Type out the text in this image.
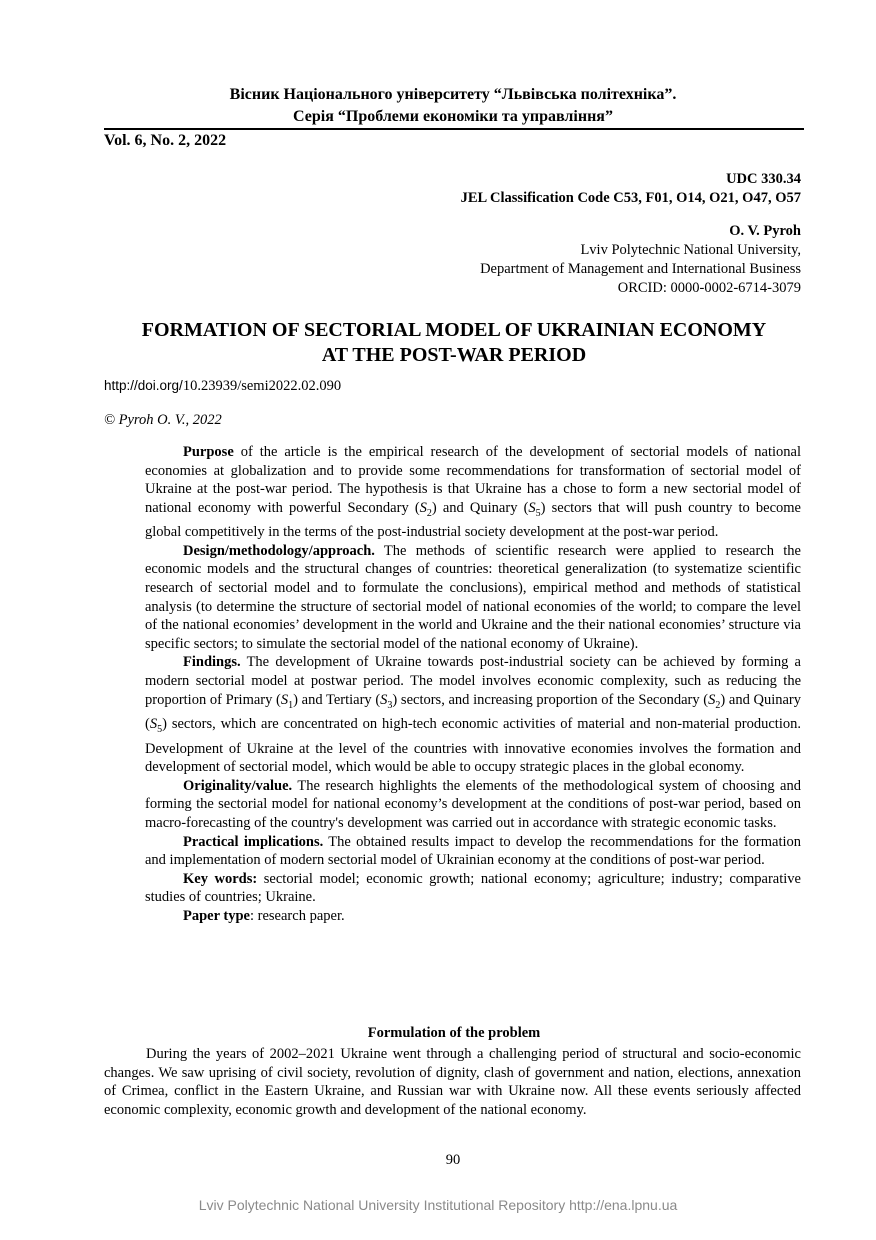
Вісник Національного університету “Львівська політехніка”.
Серія “Проблеми економіки та управління”
Vol. 6, No. 2, 2022
UDC 330.34
JEL Classification Code C53, F01, O14, O21, O47, O57
O. V. Pyroh
Lviv Polytechnic National University,
Department of Management and International Business
ORCID: 0000-0002-6714-3079
FORMATION OF SECTORIAL MODEL OF UKRAINIAN ECONOMY
AT THE POST-WAR PERIOD
http://doi.org/10.23939/semi2022.02.090
© Pyroh O. V., 2022

Purpose of the article is the empirical research of the development of sectorial models of national economies at globalization and to provide some recommendations for transformation of sectorial model of Ukraine at the post-war period. The hypothesis is that Ukraine has a chose to form a new sectorial model of national economy with powerful Secondary $(S_2)$ and Quinary $(S_5)$ sectors that will push country to become global competitively in the terms of the post-industrial society development at the post-war period.

Design/methodology/approach. The methods of scientific research were applied to research the economic models and the structural changes of countries: theoretical generalization (to systematize scientific research of sectorial model and to formulate the conclusions), empirical method and methods of statistical analysis (to determine the structure of sectorial model of national economies of the world; to compare the level of the national economies’ development in the world and Ukraine and the their national economies’ structure via specific sectors; to simulate the sectorial model of the national economy of Ukraine).

Findings. The development of Ukraine towards post-industrial society can be achieved by forming a modern sectorial model at postwar period. The model involves economic complexity, such as reducing the proportion of Primary $(S_1)$ and Tertiary $(S_3)$ sectors, and increasing proportion of the Secondary $(S_2)$ and Quinary $(S_5)$ sectors, which are concentrated on high-tech economic activities of material and non-material production. Development of Ukraine at the level of the countries with innovative economies involves the formation and development of sectorial model, which would be able to occupy strategic places in the global economy.

Originality/value. The research highlights the elements of the methodological system of choosing and forming the sectorial model for national economy’s development at the conditions of post-war period, based on macro-forecasting of the country's development was carried out in accordance with strategic economic tasks.

Practical implications. The obtained results impact to develop the recommendations for the formation and implementation of modern sectorial model of Ukrainian economy at the conditions of post-war period.

Key words: sectorial model; economic growth; national economy; agriculture; industry; comparative studies of countries; Ukraine.

Paper type: research paper.

Formulation of the problem

During the years of 2002–2021 Ukraine went through a challenging period of structural and socio-economic changes. We saw uprising of civil society, revolution of dignity, clash of government and nation, elections, annexation of Crimea, conflict in the Eastern Ukraine, and Russian war with Ukraine now. All these events seriously affected economic complexity, economic growth and development of the national economy.

90
Lviv Polytechnic National University Institutional Repository http://ena.lpnu.ua
